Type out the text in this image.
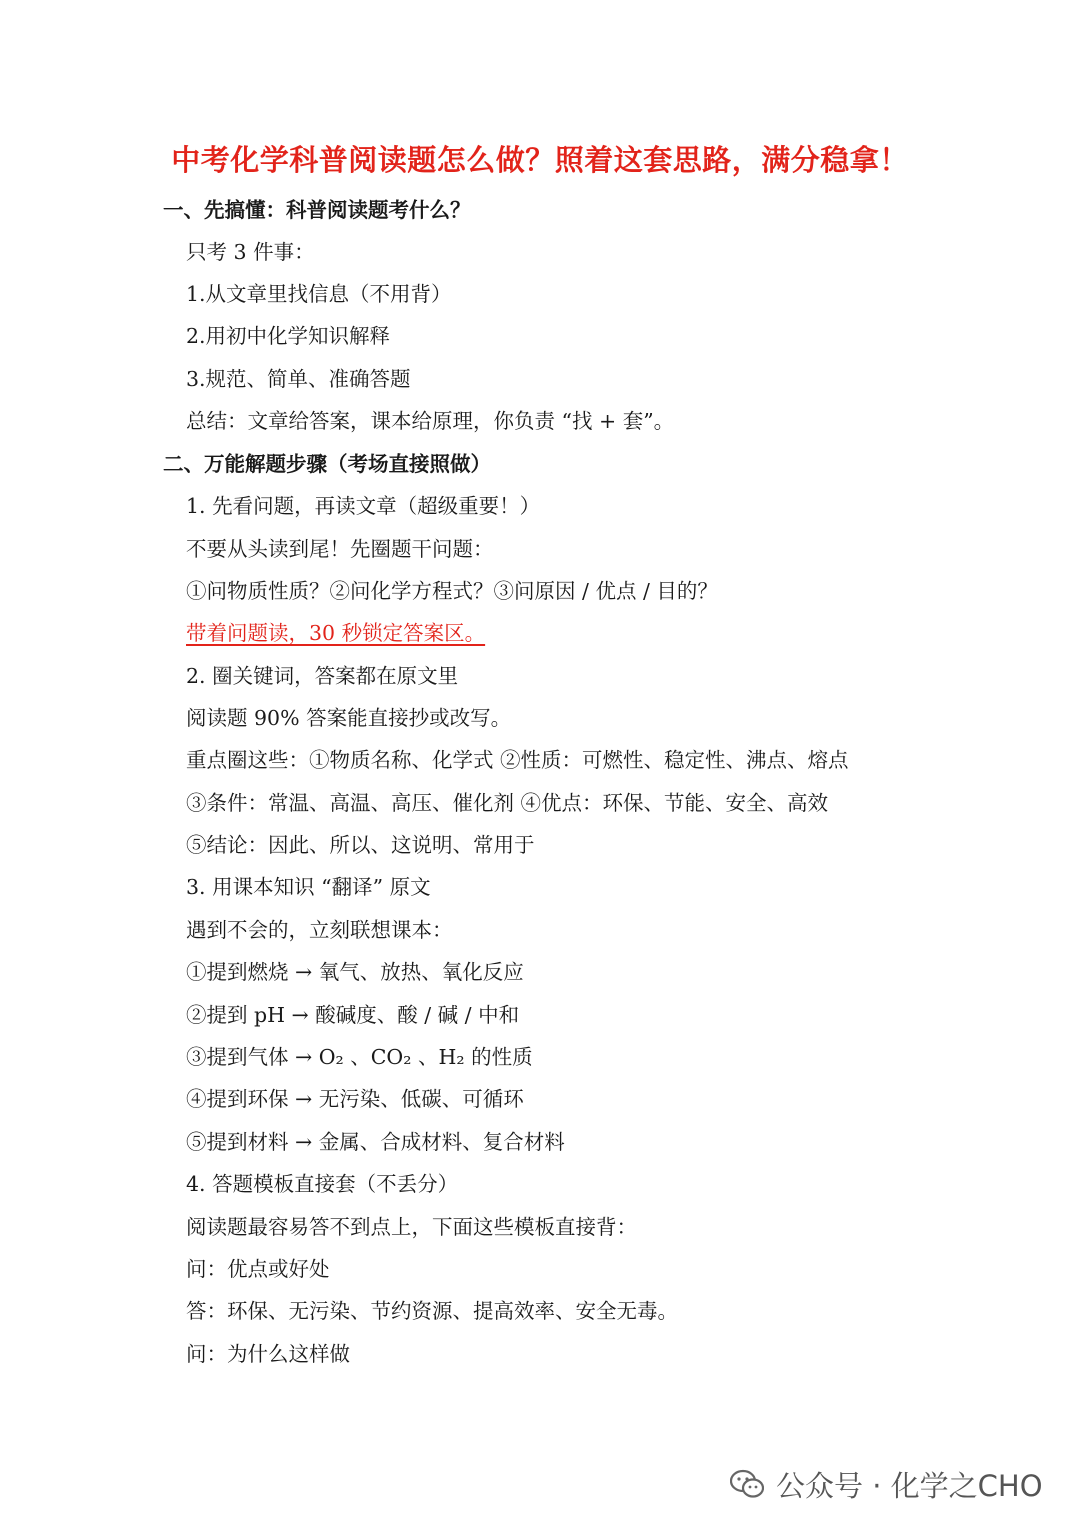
中考化学科普阅读题怎么做？照着这套思路，满分稳拿！
一、先搞懂：科普阅读题考什么？
只考 3 件事：
1.从文章里找信息（不用背）
2.用初中化学知识解释
3.规范、简单、准确答题
总结：文章给答案，课本给原理，你负责 “找 + 套”。
二、万能解题步骤（考场直接照做）
1. 先看问题，再读文章（超级重要！）
不要从头读到尾！先圈题干问题：
①问物质性质？②问化学方程式？③问原因 / 优点 / 目的？
带着问题读，30 秒锁定答案区。
2. 圈关键词，答案都在原文里
阅读题 90% 答案能直接抄或改写。
重点圈这些：①物质名称、化学式 ②性质：可燃性、稳定性、沸点、熔点
③条件：常温、高温、高压、催化剂 ④优点：环保、节能、安全、高效
⑤结论：因此、所以、这说明、常用于
3. 用课本知识 “翻译” 原文
遇到不会的，立刻联想课本：
①提到燃烧 → 氧气、放热、氧化反应
②提到 pH → 酸碱度、酸 / 碱 / 中和
③提到气体 → O₂ 、CO₂ 、H₂ 的性质
④提到环保 → 无污染、低碳、可循环
⑤提到材料 → 金属、合成材料、复合材料
4. 答题模板直接套（不丢分）
阅读题最容易答不到点上，下面这些模板直接背：
问：优点或好处
答：环保、无污染、节约资源、提高效率、安全无毒。
问：为什么这样做
公众号 · 化学之CHO
